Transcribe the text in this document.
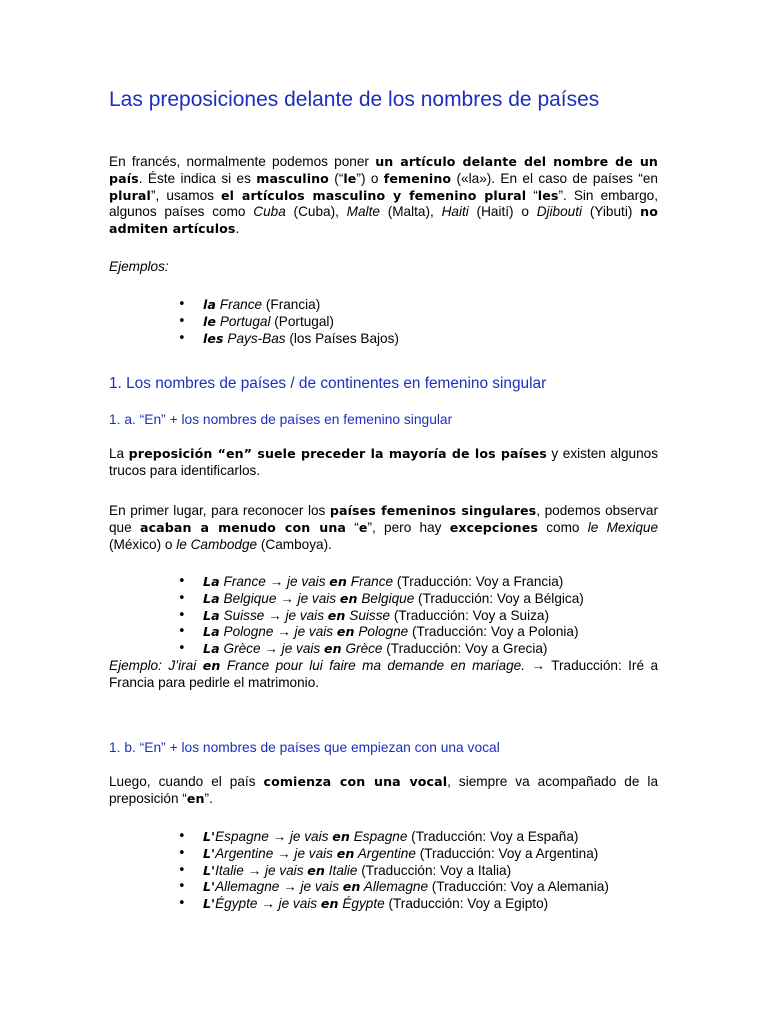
Las preposiciones delante de los nombres de países
En francés, normalmente podemos poner un artículo delante del nombre de un país. Éste indica si es masculino (“le”) o femenino («la»). En el caso de países “en plural”, usamos el artículos masculino y femenino plural “les”. Sin embargo, algunos países como Cuba (Cuba), Malte (Malta), Haiti (Haití) o Djibouti (Yibuti) no admiten artículos.
Ejemplos:
• la France (Francia)
• le Portugal (Portugal)
• les Pays-Bas (los Países Bajos)
1. Los nombres de países / de continentes en femenino singular
1. a. “En” + los nombres de países en femenino singular
La preposición “en” suele preceder la mayoría de los países y existen algunos trucos para identificarlos.
En primer lugar, para reconocer los países femeninos singulares, podemos observar que acaban a menudo con una “e”, pero hay excepciones como le Mexique (México) o le Cambodge (Camboya).
• La France → je vais en France (Traducción: Voy a Francia)
• La Belgique → je vais en Belgique (Traducción: Voy a Bélgica)
• La Suisse → je vais en Suisse (Traducción: Voy a Suiza)
• La Pologne → je vais en Pologne (Traducción: Voy a Polonia)
• La Grèce → je vais en Grèce (Traducción: Voy a Grecia)
Ejemplo: J’irai en France pour lui faire ma demande en mariage. → Traducción: Iré a Francia para pedirle el matrimonio.
1. b. “En” + los nombres de países que empiezan con una vocal
Luego, cuando el país comienza con una vocal, siempre va acompañado de la preposición “en”.
• L'Espagne → je vais en Espagne (Traducción: Voy a España)
• L'Argentine → je vais en Argentine (Traducción: Voy a Argentina)
• L'Italie → je vais en Italie (Traducción: Voy a Italia)
• L'Allemagne → je vais en Allemagne (Traducción: Voy a Alemania)
• L'Égypte → je vais en Égypte (Traducción: Voy a Egipto)
